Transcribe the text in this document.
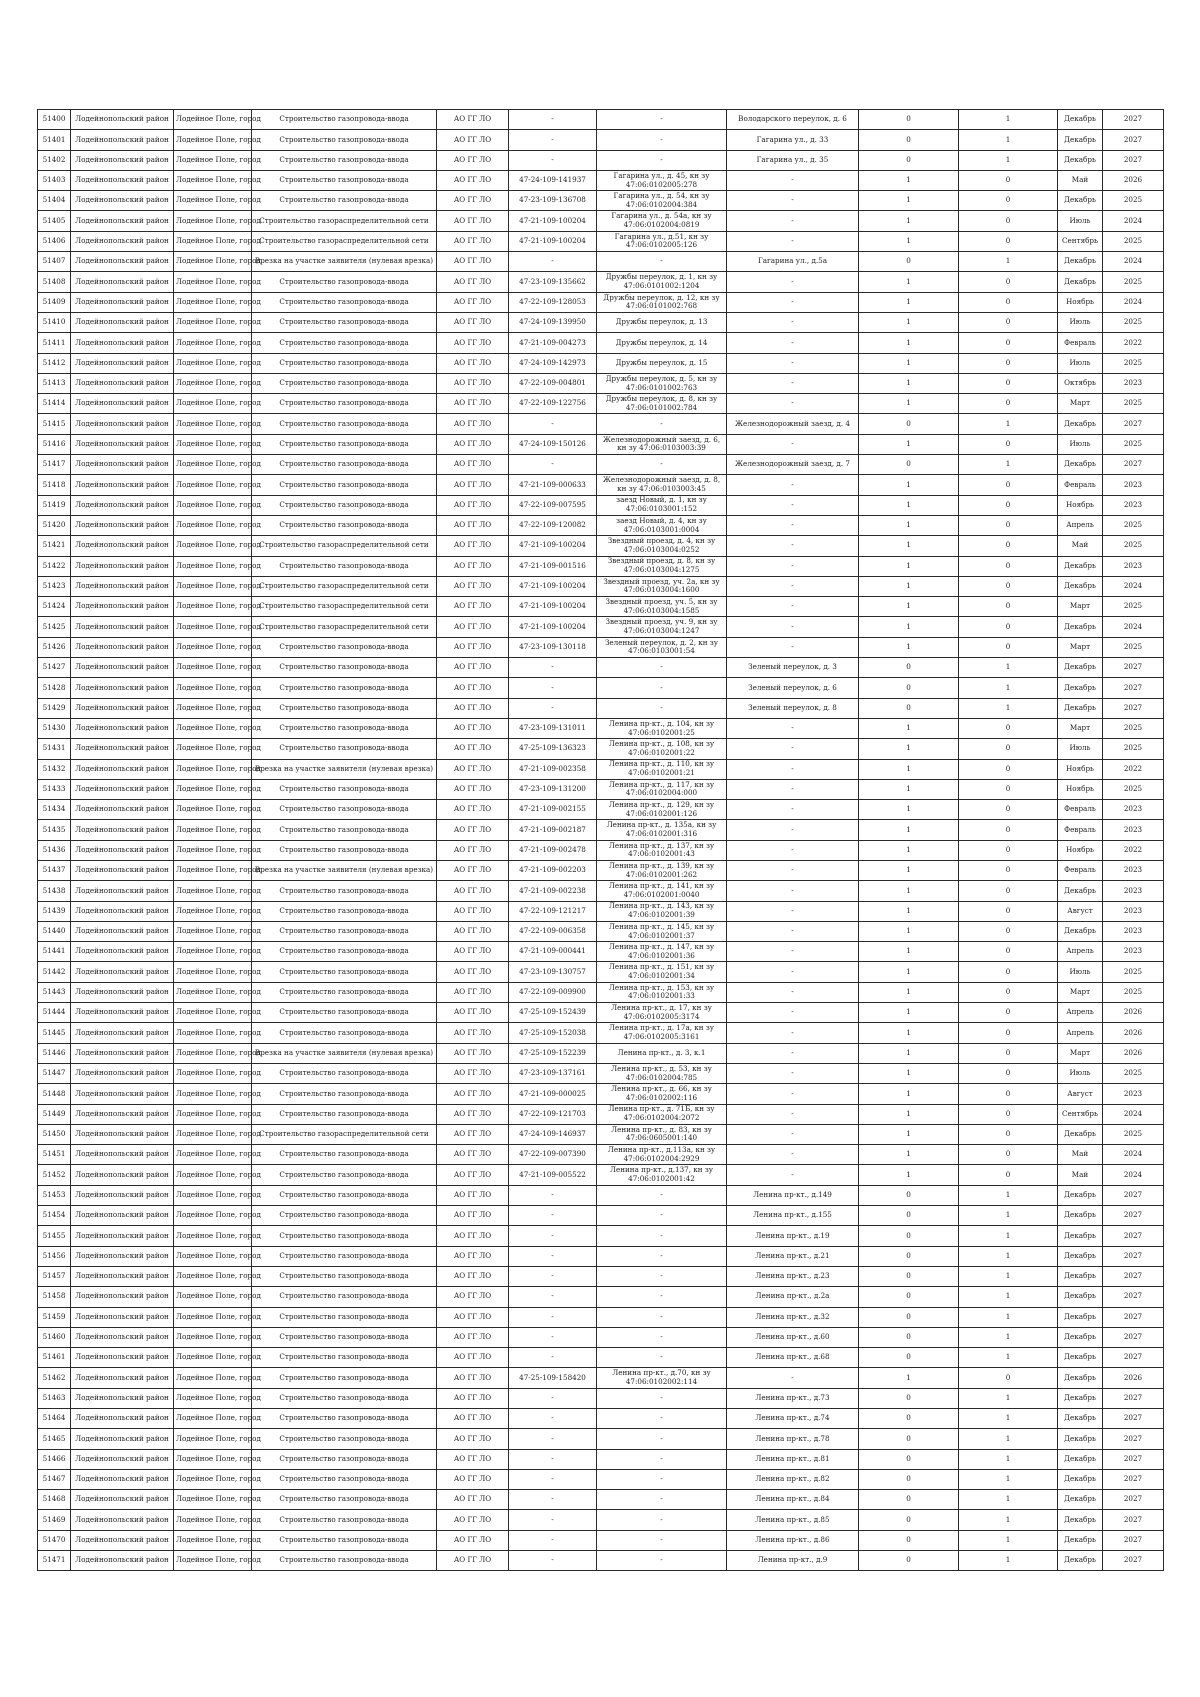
51400	Лодейнопольский район	Лодейное Поле, город	Строительство газопровода-ввода	АО ГГ ЛО	-	-	Володарского переулок, д. 6	0	1	Декабрь	2027
51401	Лодейнопольский район	Лодейное Поле, город	Строительство газопровода-ввода	АО ГГ ЛО	-	-	Гагарина ул., д. 33	0	1	Декабрь	2027
51402	Лодейнопольский район	Лодейное Поле, город	Строительство газопровода-ввода	АО ГГ ЛО	-	-	Гагарина ул., д. 35	0	1	Декабрь	2027
51403	Лодейнопольский район	Лодейное Поле, город	Строительство газопровода-ввода	АО ГГ ЛО	47-24-109-141937	Гагарина ул., д. 45, кн зу 47:06:0102005:278	-	1	0	Май	2026
51404	Лодейнопольский район	Лодейное Поле, город	Строительство газопровода-ввода	АО ГГ ЛО	47-23-109-136708	Гагарина ул., д. 54, кн зу 47:06:0102004:384	-	1	0	Декабрь	2025
51405	Лодейнопольский район	Лодейное Поле, город	Строительство газораспределительной сети	АО ГГ ЛО	47-21-109-100204	Гагарина ул., д. 54а, кн зу 47:06:0102004:0819	-	1	0	Июль	2024
51406	Лодейнопольский район	Лодейное Поле, город	Строительство газораспределительной сети	АО ГГ ЛО	47-21-109-100204	Гагарина ул., д.51, кн зу 47:06:0102005:126	-	1	0	Сентябрь	2025
51407	Лодейнопольский район	Лодейное Поле, город	Врезка на участке заявителя (нулевая врезка)	АО ГГ ЛО	-	-	Гагарина ул., д.5а	0	1	Декабрь	2024
51408	Лодейнопольский район	Лодейное Поле, город	Строительство газопровода-ввода	АО ГГ ЛО	47-23-109-135662	Дружбы переулок, д. 1, кн зу 47:06:0101002:1204	-	1	0	Декабрь	2025
51409	Лодейнопольский район	Лодейное Поле, город	Строительство газопровода-ввода	АО ГГ ЛО	47-22-109-128053	Дружбы переулок, д. 12, кн зу 47:06:0101002:768	-	1	0	Ноябрь	2024
51410	Лодейнопольский район	Лодейное Поле, город	Строительство газопровода-ввода	АО ГГ ЛО	47-24-109-139950	Дружбы переулок, д. 13	-	1	0	Июль	2025
51411	Лодейнопольский район	Лодейное Поле, город	Строительство газопровода-ввода	АО ГГ ЛО	47-21-109-004273	Дружбы переулок, д. 14	-	1	0	Февраль	2022
51412	Лодейнопольский район	Лодейное Поле, город	Строительство газопровода-ввода	АО ГГ ЛО	47-24-109-142973	Дружбы переулок, д. 15	-	1	0	Июль	2025
51413	Лодейнопольский район	Лодейное Поле, город	Строительство газопровода-ввода	АО ГГ ЛО	47-22-109-004801	Дружбы переулок, д. 5, кн зу 47:06:0101002:763	-	1	0	Октябрь	2023
51414	Лодейнопольский район	Лодейное Поле, город	Строительство газопровода-ввода	АО ГГ ЛО	47-22-109-122756	Дружбы переулок, д. 8, кн зу 47:06:0101002:784	-	1	0	Март	2025
51415	Лодейнопольский район	Лодейное Поле, город	Строительство газопровода-ввода	АО ГГ ЛО	-	-	Железнодорожный заезд, д. 4	0	1	Декабрь	2027
51416	Лодейнопольский район	Лодейное Поле, город	Строительство газопровода-ввода	АО ГГ ЛО	47-24-109-150126	Железнодорожный заезд, д. 6, кн зу 47:06:0103003:39	-	1	0	Июль	2025
51417	Лодейнопольский район	Лодейное Поле, город	Строительство газопровода-ввода	АО ГГ ЛО	-	-	Железнодорожный заезд, д. 7	0	1	Декабрь	2027
51418	Лодейнопольский район	Лодейное Поле, город	Строительство газопровода-ввода	АО ГГ ЛО	47-21-109-000633	Железнодорожный заезд, д. 8, кн зу 47:06:0103003:45	-	1	0	Февраль	2023
51419	Лодейнопольский район	Лодейное Поле, город	Строительство газопровода-ввода	АО ГГ ЛО	47-22-109-007595	заезд Новый, д. 1, кн зу 47:06:0103001:152	-	1	0	Ноябрь	2023
51420	Лодейнопольский район	Лодейное Поле, город	Строительство газопровода-ввода	АО ГГ ЛО	47-22-109-120082	заезд Новый, д. 4, кн зу 47:06:0103001:0004	-	1	0	Апрель	2025
51421	Лодейнопольский район	Лодейное Поле, город	Строительство газораспределительной сети	АО ГГ ЛО	47-21-109-100204	Звездный проезд, д. 4, кн зу 47:06:0103004:0252	-	1	0	Май	2025
51422	Лодейнопольский район	Лодейное Поле, город	Строительство газопровода-ввода	АО ГГ ЛО	47-21-109-001516	Звездный проезд, д. 8, кн зу 47:06:0103004:1275	-	1	0	Декабрь	2023
51423	Лодейнопольский район	Лодейное Поле, город	Строительство газораспределительной сети	АО ГГ ЛО	47-21-109-100204	Звездный проезд, уч. 2а, кн зу 47:06:0103004:1600	-	1	0	Декабрь	2024
51424	Лодейнопольский район	Лодейное Поле, город	Строительство газораспределительной сети	АО ГГ ЛО	47-21-109-100204	Звездный проезд, уч. 5, кн зу 47:06:0103004:1585	-	1	0	Март	2025
51425	Лодейнопольский район	Лодейное Поле, город	Строительство газораспределительной сети	АО ГГ ЛО	47-21-109-100204	Звездный проезд, уч. 9, кн зу 47:06:0103004:1247	-	1	0	Декабрь	2024
51426	Лодейнопольский район	Лодейное Поле, город	Строительство газопровода-ввода	АО ГГ ЛО	47-23-109-130118	Зеленый переулок, д. 2, кн зу 47:06:0103001:54	-	1	0	Март	2025
51427	Лодейнопольский район	Лодейное Поле, город	Строительство газопровода-ввода	АО ГГ ЛО	-	-	Зеленый переулок, д. 3	0	1	Декабрь	2027
51428	Лодейнопольский район	Лодейное Поле, город	Строительство газопровода-ввода	АО ГГ ЛО	-	-	Зеленый переулок, д. 6	0	1	Декабрь	2027
51429	Лодейнопольский район	Лодейное Поле, город	Строительство газопровода-ввода	АО ГГ ЛО	-	-	Зеленый переулок, д. 8	0	1	Декабрь	2027
51430	Лодейнопольский район	Лодейное Поле, город	Строительство газопровода-ввода	АО ГГ ЛО	47-23-109-131011	Ленина пр-кт., д. 104, кн зу 47:06:0102001:25	-	1	0	Март	2025
51431	Лодейнопольский район	Лодейное Поле, город	Строительство газопровода-ввода	АО ГГ ЛО	47-25-109-136323	Ленина пр-кт., д. 108, кн зу 47:06:0102001:22	-	1	0	Июль	2025
51432	Лодейнопольский район	Лодейное Поле, город	Врезка на участке заявителя (нулевая врезка)	АО ГГ ЛО	47-21-109-002358	Ленина пр-кт., д. 110, кн зу 47:06:0102001:21	-	1	0	Ноябрь	2022
51433	Лодейнопольский район	Лодейное Поле, город	Строительство газопровода-ввода	АО ГГ ЛО	47-23-109-131200	Ленина пр-кт., д. 117, кн зу 47:06:0102004:000	-	1	0	Ноябрь	2025
51434	Лодейнопольский район	Лодейное Поле, город	Строительство газопровода-ввода	АО ГГ ЛО	47-21-109-002155	Ленина пр-кт., д. 129, кн зу 47:06:0102001:126	-	1	0	Февраль	2023
51435	Лодейнопольский район	Лодейное Поле, город	Строительство газопровода-ввода	АО ГГ ЛО	47-21-109-002187	Ленина пр-кт., д. 135а, кн зу 47:06:0102001:316	-	1	0	Февраль	2023
51436	Лодейнопольский район	Лодейное Поле, город	Строительство газопровода-ввода	АО ГГ ЛО	47-21-109-002478	Ленина пр-кт., д. 137, кн зу 47:06:0102001:43	-	1	0	Ноябрь	2022
51437	Лодейнопольский район	Лодейное Поле, город	Врезка на участке заявителя (нулевая врезка)	АО ГГ ЛО	47-21-109-002203	Ленина пр-кт., д. 139, кн зу 47:06:0102001:262	-	1	0	Февраль	2023
51438	Лодейнопольский район	Лодейное Поле, город	Строительство газопровода-ввода	АО ГГ ЛО	47-21-109-002238	Ленина пр-кт., д. 141, кн зу 47:06:0102001:0040	-	1	0	Декабрь	2023
51439	Лодейнопольский район	Лодейное Поле, город	Строительство газопровода-ввода	АО ГГ ЛО	47-22-109-121217	Ленина пр-кт., д. 143, кн зу 47:06:0102001:39	-	1	0	Август	2023
51440	Лодейнопольский район	Лодейное Поле, город	Строительство газопровода-ввода	АО ГГ ЛО	47-22-109-006358	Ленина пр-кт., д. 145, кн зу 47:06:0102001:37	-	1	0	Декабрь	2023
51441	Лодейнопольский район	Лодейное Поле, город	Строительство газопровода-ввода	АО ГГ ЛО	47-21-109-000441	Ленина пр-кт., д. 147, кн зу 47:06:0102001:36	-	1	0	Апрель	2023
51442	Лодейнопольский район	Лодейное Поле, город	Строительство газопровода-ввода	АО ГГ ЛО	47-23-109-130757	Ленина пр-кт., д. 151, кн зу 47:06:0102001:34	-	1	0	Июль	2025
51443	Лодейнопольский район	Лодейное Поле, город	Строительство газопровода-ввода	АО ГГ ЛО	47-22-109-009900	Ленина пр-кт., д. 153, кн зу 47:06:0102001:33	-	1	0	Март	2025
51444	Лодейнопольский район	Лодейное Поле, город	Строительство газопровода-ввода	АО ГГ ЛО	47-25-109-152439	Ленина пр-кт., д. 17, кн зу 47:06:0102005:3174	-	1	0	Апрель	2026
51445	Лодейнопольский район	Лодейное Поле, город	Строительство газопровода-ввода	АО ГГ ЛО	47-25-109-152038	Ленина пр-кт., д. 17а, кн зу 47:06:0102005:3161	-	1	0	Апрель	2026
51446	Лодейнопольский район	Лодейное Поле, город	Врезка на участке заявителя (нулевая врезка)	АО ГГ ЛО	47-25-109-152239	Ленина пр-кт., д. 3, к.1	-	1	0	Март	2026
51447	Лодейнопольский район	Лодейное Поле, город	Строительство газопровода-ввода	АО ГГ ЛО	47-23-109-137161	Ленина пр-кт., д. 53, кн зу 47:06:0102004:785	-	1	0	Июль	2025
51448	Лодейнопольский район	Лодейное Поле, город	Строительство газопровода-ввода	АО ГГ ЛО	47-21-109-000025	Ленина пр-кт., д. 66, кн зу 47:06:0102002:116	-	1	0	Август	2023
51449	Лодейнопольский район	Лодейное Поле, город	Строительство газопровода-ввода	АО ГГ ЛО	47-22-109-121703	Ленина пр-кт., д. 71Б, кн зу 47:06:0102004:2072	-	1	0	Сентябрь	2024
51450	Лодейнопольский район	Лодейное Поле, город	Строительство газораспределительной сети	АО ГГ ЛО	47-24-109-146937	Ленина пр-кт., д. 83, кн зу 47:06:0605001:140	-	1	0	Декабрь	2025
51451	Лодейнопольский район	Лодейное Поле, город	Строительство газопровода-ввода	АО ГГ ЛО	47-22-109-007390	Ленина пр-кт., д.113а, кн зу 47:06:0102004:2929	-	1	0	Май	2024
51452	Лодейнопольский район	Лодейное Поле, город	Строительство газопровода-ввода	АО ГГ ЛО	47-21-109-005522	Ленина пр-кт., д.137, кн зу 47:06:0102001:42	-	1	0	Май	2024
51453	Лодейнопольский район	Лодейное Поле, город	Строительство газопровода-ввода	АО ГГ ЛО	-	-	Ленина пр-кт., д.149	0	1	Декабрь	2027
51454	Лодейнопольский район	Лодейное Поле, город	Строительство газопровода-ввода	АО ГГ ЛО	-	-	Ленина пр-кт., д.155	0	1	Декабрь	2027
51455	Лодейнопольский район	Лодейное Поле, город	Строительство газопровода-ввода	АО ГГ ЛО	-	-	Ленина пр-кт., д.19	0	1	Декабрь	2027
51456	Лодейнопольский район	Лодейное Поле, город	Строительство газопровода-ввода	АО ГГ ЛО	-	-	Ленина пр-кт., д.21	0	1	Декабрь	2027
51457	Лодейнопольский район	Лодейное Поле, город	Строительство газопровода-ввода	АО ГГ ЛО	-	-	Ленина пр-кт., д.23	0	1	Декабрь	2027
51458	Лодейнопольский район	Лодейное Поле, город	Строительство газопровода-ввода	АО ГГ ЛО	-	-	Ленина пр-кт., д.2а	0	1	Декабрь	2027
51459	Лодейнопольский район	Лодейное Поле, город	Строительство газопровода-ввода	АО ГГ ЛО	-	-	Ленина пр-кт., д.32	0	1	Декабрь	2027
51460	Лодейнопольский район	Лодейное Поле, город	Строительство газопровода-ввода	АО ГГ ЛО	-	-	Ленина пр-кт., д.60	0	1	Декабрь	2027
51461	Лодейнопольский район	Лодейное Поле, город	Строительство газопровода-ввода	АО ГГ ЛО	-	-	Ленина пр-кт., д.68	0	1	Декабрь	2027
51462	Лодейнопольский район	Лодейное Поле, город	Строительство газопровода-ввода	АО ГГ ЛО	47-25-109-158420	Ленина пр-кт., д.70, кн зу 47:06:0102002:114	-	1	0	Декабрь	2026
51463	Лодейнопольский район	Лодейное Поле, город	Строительство газопровода-ввода	АО ГГ ЛО	-	-	Ленина пр-кт., д.73	0	1	Декабрь	2027
51464	Лодейнопольский район	Лодейное Поле, город	Строительство газопровода-ввода	АО ГГ ЛО	-	-	Ленина пр-кт., д.74	0	1	Декабрь	2027
51465	Лодейнопольский район	Лодейное Поле, город	Строительство газопровода-ввода	АО ГГ ЛО	-	-	Ленина пр-кт., д.78	0	1	Декабрь	2027
51466	Лодейнопольский район	Лодейное Поле, город	Строительство газопровода-ввода	АО ГГ ЛО	-	-	Ленина пр-кт., д.81	0	1	Декабрь	2027
51467	Лодейнопольский район	Лодейное Поле, город	Строительство газопровода-ввода	АО ГГ ЛО	-	-	Ленина пр-кт., д.82	0	1	Декабрь	2027
51468	Лодейнопольский район	Лодейное Поле, город	Строительство газопровода-ввода	АО ГГ ЛО	-	-	Ленина пр-кт., д.84	0	1	Декабрь	2027
51469	Лодейнопольский район	Лодейное Поле, город	Строительство газопровода-ввода	АО ГГ ЛО	-	-	Ленина пр-кт., д.85	0	1	Декабрь	2027
51470	Лодейнопольский район	Лодейное Поле, город	Строительство газопровода-ввода	АО ГГ ЛО	-	-	Ленина пр-кт., д.86	0	1	Декабрь	2027
51471	Лодейнопольский район	Лодейное Поле, город	Строительство газопровода-ввода	АО ГГ ЛО	-	-	Ленина пр-кт., д.9	0	1	Декабрь	2027
